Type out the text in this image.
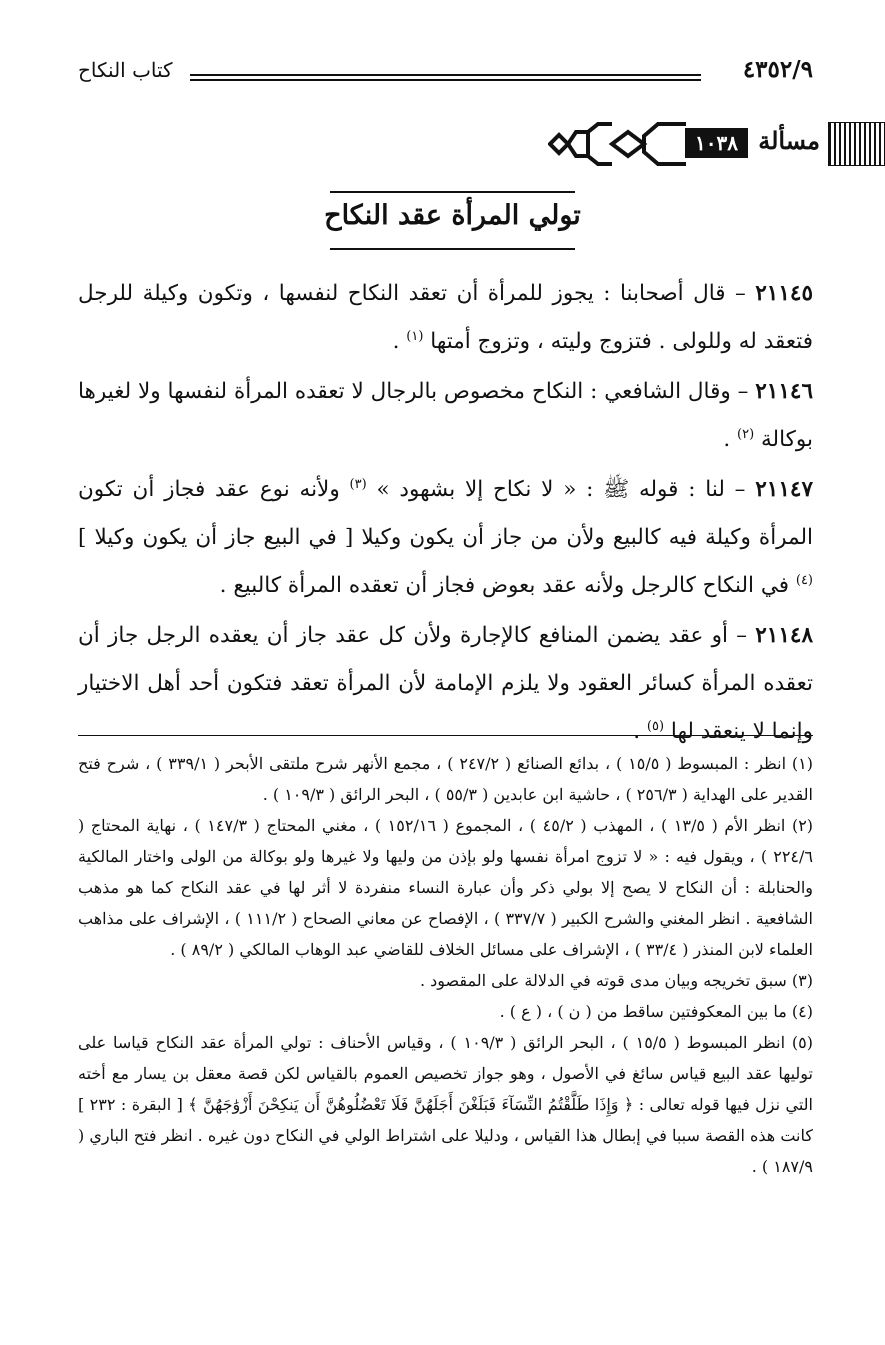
٤٣٥٢/٩
كتاب النكاح
مسألة
١٠٣٨
تولي المرأة عقد النكاح

٢١١٤٥ – قال أصحابنا : يجوز للمرأة أن تعقد النكاح لنفسها ، وتكون وكيلة للرجل فتعقد له وللولى . فتزوج وليته ، وتزوج أمتها $^{(١)}$ .

٢١١٤٦ – وقال الشافعي : النكاح مخصوص بالرجال لا تعقده المرأة لنفسها ولا لغيرها بوكالة $^{(٢)}$ .

٢١١٤٧ – لنا : قوله ﷺ : « لا نكاح إلا بشهود » $^{(٣)}$ ولأنه نوع عقد فجاز أن تكون المرأة وكيلة فيه كالبيع ولأن من جاز أن يكون وكيلا [ في البيع جاز أن يكون وكيلا ] $^{(٤)}$ في النكاح كالرجل ولأنه عقد بعوض فجاز أن تعقده المرأة كالبيع .

٢١١٤٨ – أو عقد يضمن المنافع كالإجارة ولأن كل عقد جاز أن يعقده الرجل جاز أن تعقده المرأة كسائر العقود ولا يلزم الإمامة لأن المرأة تعقد فتكون أحد أهل الاختيار وإنما لا ينعقد لها $^{(٥)}$ .

(١) انظر : المبسوط ( ١٥/٥ ) ، بدائع الصنائع ( ٢٤٧/٢ ) ، مجمع الأنهر شرح ملتقى الأبحر ( ٣٣٩/١ ) ، شرح فتح القدير على الهداية ( ٢٥٦/٣ ) ، حاشية ابن عابدين ( ٥٥/٣ ) ، البحر الرائق ( ١٠٩/٣ ) .

(٢) انظر الأم ( ١٣/٥ ) ، المهذب ( ٤٥/٢ ) ، المجموع ( ١٥٢/١٦ ) ، مغني المحتاج ( ١٤٧/٣ ) ، نهاية المحتاج ( ٢٢٤/٦ ) ، ويقول فيه : « لا تزوج امرأة نفسها ولو بإذن من وليها ولا غيرها ولو بوكالة من الولى واختار المالكية والحنابلة : أن النكاح لا يصح إلا بولي ذكر وأن عبارة النساء منفردة لا أثر لها في عقد النكاح كما هو مذهب الشافعية . انظر المغني والشرح الكبير ( ٣٣٧/٧ ) ، الإفصاح عن معاني الصحاح ( ١١١/٢ ) ، الإشراف على مذاهب العلماء لابن المنذر ( ٣٣/٤ ) ، الإشراف على مسائل الخلاف للقاضي عبد الوهاب المالكي ( ٨٩/٢ ) .

(٣) سبق تخريجه وبيان مدى قوته في الدلالة على المقصود .

(٤) ما بين المعكوفتين ساقط من ( ن ) ، ( ع ) .

(٥) انظر المبسوط ( ١٥/٥ ) ، البحر الرائق ( ١٠٩/٣ ) ، وقياس الأحناف : تولي المرأة عقد النكاح قياسا على توليها عقد البيع قياس سائغ في الأصول ، وهو جواز تخصيص العموم بالقياس لكن قصة معقل بن يسار مع أخته التي نزل فيها قوله تعالى : ﴿ وَإِذَا طَلَّقْتُمُ النِّسَآءَ فَبَلَغْنَ أَجَلَهُنَّ فَلَا تَعْضُلُوهُنَّ أَن يَنكِحْنَ أَزْوَٰجَهُنَّ ﴾ [ البقرة : ٢٣٢ ] كانت هذه القصة سببا في إبطال هذا القياس ، ودليلا على اشتراط الولي في النكاح دون غيره . انظر فتح الباري ( ١٨٧/٩ ) .
